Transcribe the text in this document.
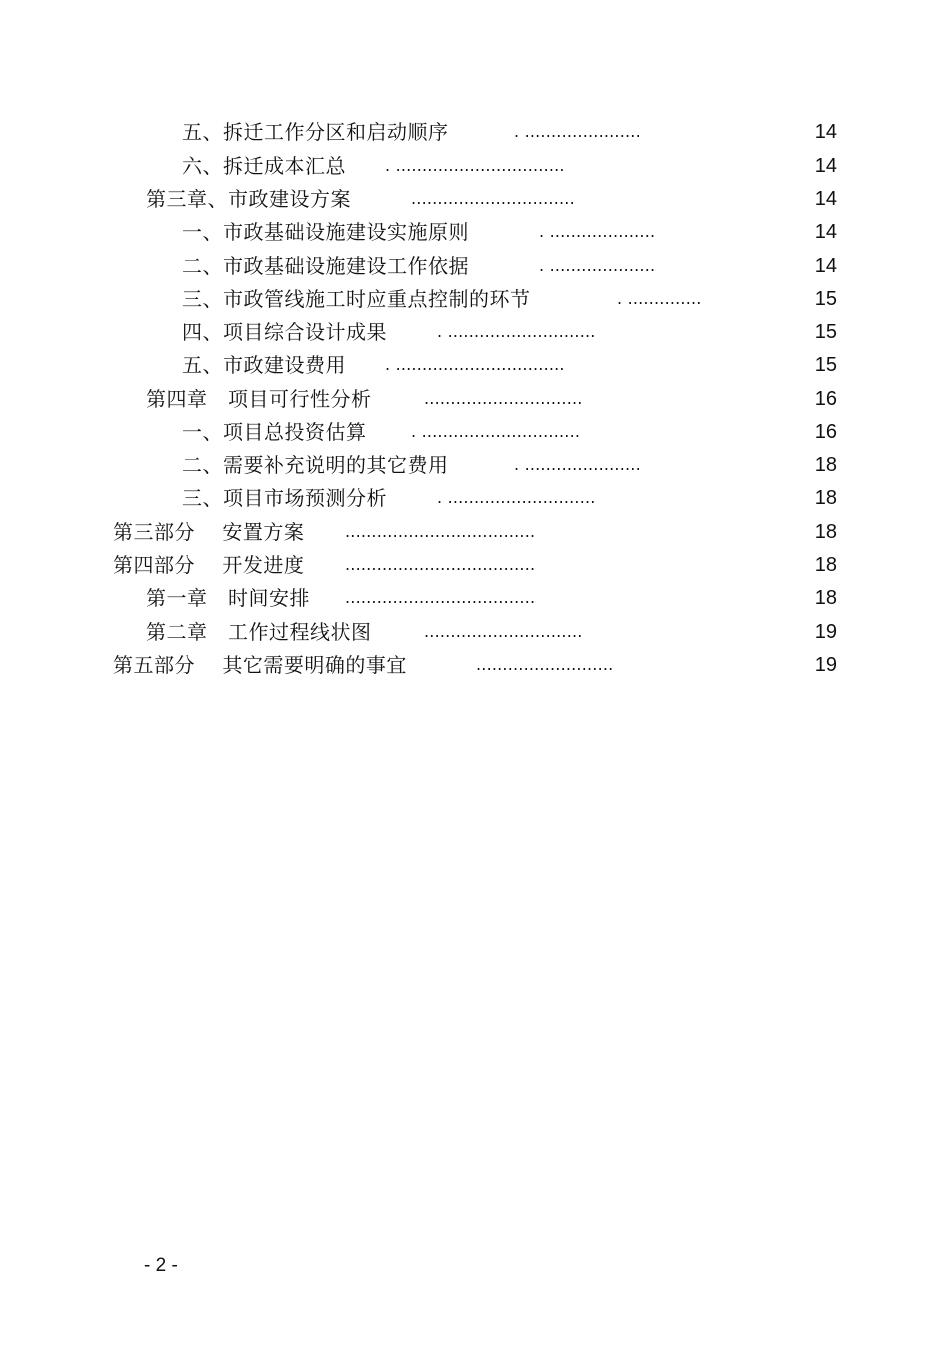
五、拆迁工作分区和启动顺序	. ......................	14
六、拆迁成本汇总 . ................................	14
第三章、市政建设方案	...............................	14
一、市政基础设施建设实施原则	. ....................	14
二、市政基础设施建设工作依据	. ....................	14
三、市政管线施工时应重点控制的环节	. ..............	15
四、项目综合设计成果	. ............................	15
五、市政建设费用 . ................................	15
第四章　项目可行性分析	..............................	16
一、项目总投资估算	. ..............................	16
二、需要补充说明的其它费用	. ......................	18
三、项目市场预测分析	. ............................	18
第三部分　 安置方案	....................................	18
第四部分　 开发进度	....................................	18
第一章　时间安排 ....................................	18
第二章　工作过程线状图	..............................	19
第五部分　 其它需要明确的事宜	..........................	19
- 2 -
